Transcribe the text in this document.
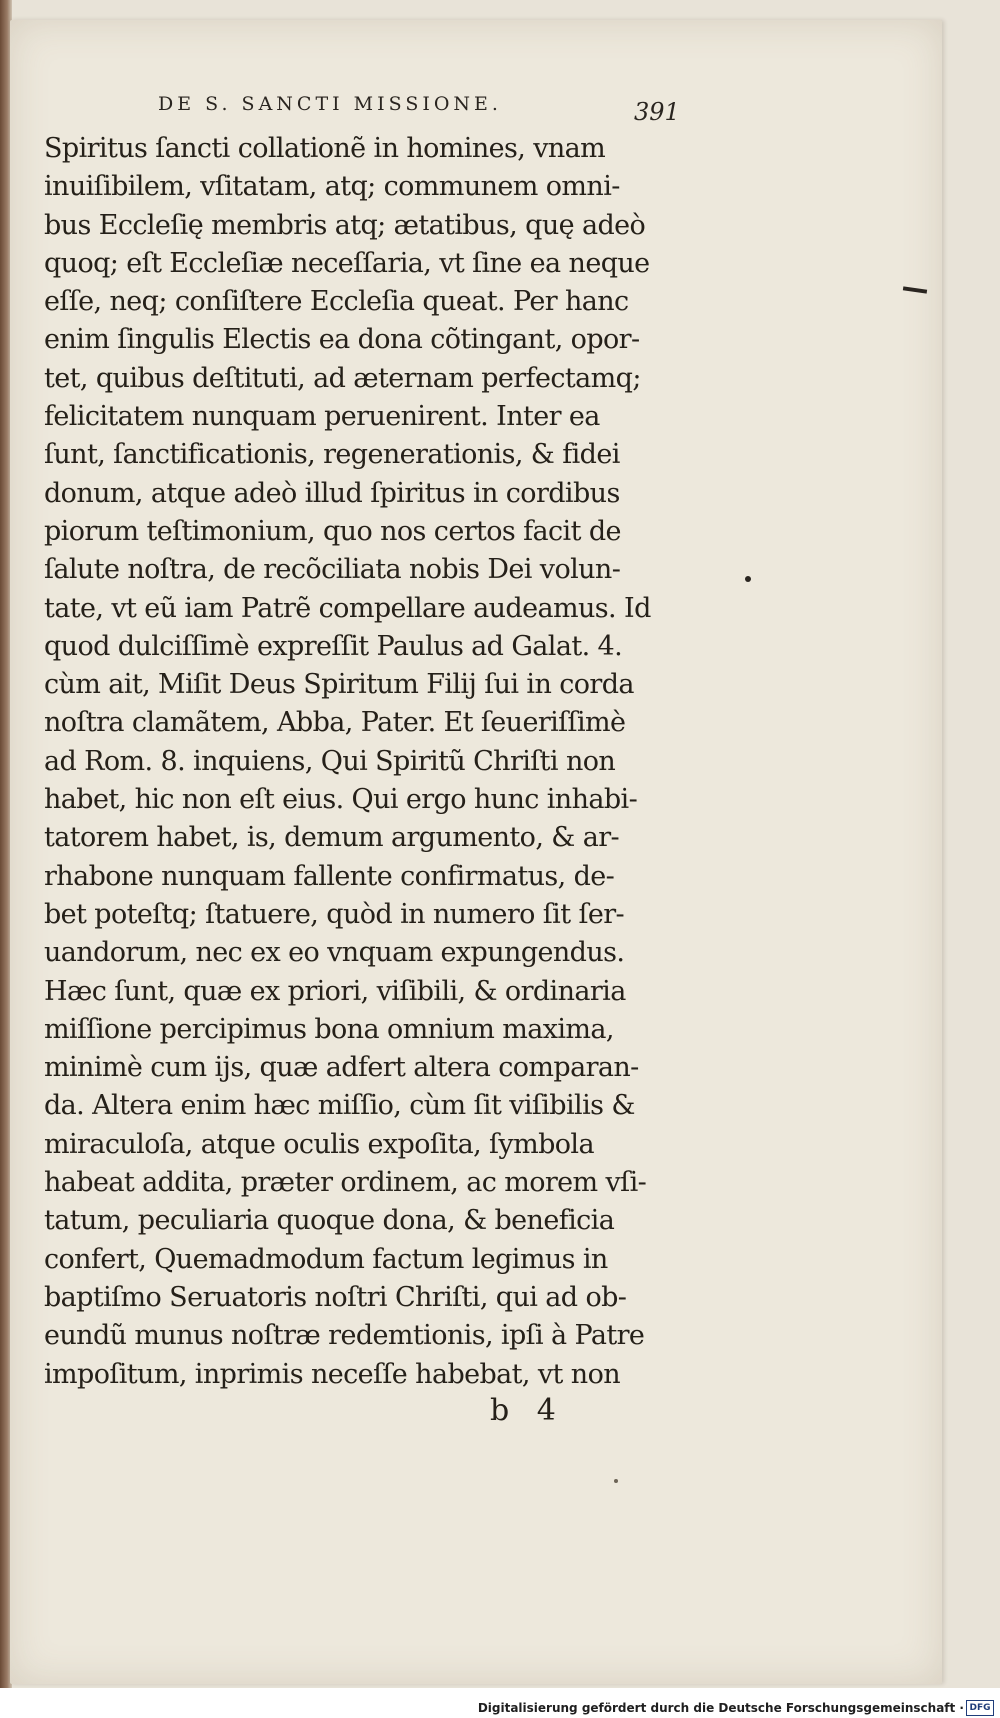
DE S. SANCTI MISSIONE.	391
Spiritus ſancti collationẽ in homines, vnam
inuiſibilem, vſitatam, atq; communem omni-
bus Eccleſię membris atq; ætatibus, quę adeò
quoq; eſt Eccleſiæ neceſſaria, vt ſine ea neque
eſſe, neq; conſiſtere Eccleſia queat. Per hanc
enim ſingulis Electis ea dona cõtingant, opor-
tet, quibus deſtituti, ad æternam perfectamq;
felicitatem nunquam peruenirent. Inter ea
ſunt, ſanctificationis, regenerationis, & fidei
donum, atque adeò illud ſpiritus in cordibus
piorum teſtimonium, quo nos certos facit de
ſalute noſtra, de recõciliata nobis Dei volun-
tate, vt eũ iam Patrẽ compellare audeamus. Id
quod dulciſſimè expreſſit Paulus ad Galat. 4.
cùm ait, Miſit Deus Spiritum Filij ſui in corda
noſtra clamãtem, Abba, Pater. Et ſeueriſſimè
ad Rom. 8. inquiens, Qui Spiritũ Chriſti non
habet, hic non eſt eius. Qui ergo hunc inhabi-
tatorem habet, is, demum argumento, & ar-
rhabone nunquam fallente confirmatus, de-
bet poteſtq; ſtatuere, quòd in numero ſit ſer-
uandorum, nec ex eo vnquam expungendus.
Hæc ſunt, quæ ex priori, viſibili, & ordinaria
miſſione percipimus bona omnium maxima,
minimè cum ijs, quæ adfert altera comparan-
da. Altera enim hæc miſſio, cùm ſit viſibilis &
miraculoſa, atque oculis expoſita, ſymbola
habeat addita, præter ordinem, ac morem vſi-
tatum, peculiaria quoque dona, & beneficia
confert, Quemadmodum factum legimus in
baptiſmo Seruatoris noſtri Chriſti, qui ad ob-
eundũ munus noſtræ redemtionis, ipſi à Patre
impoſitum, inprimis neceſſe habebat, vt non
b 4
Digitalisierung gefördert durch die Deutsche Forschungsgemeinschaft · DFG
